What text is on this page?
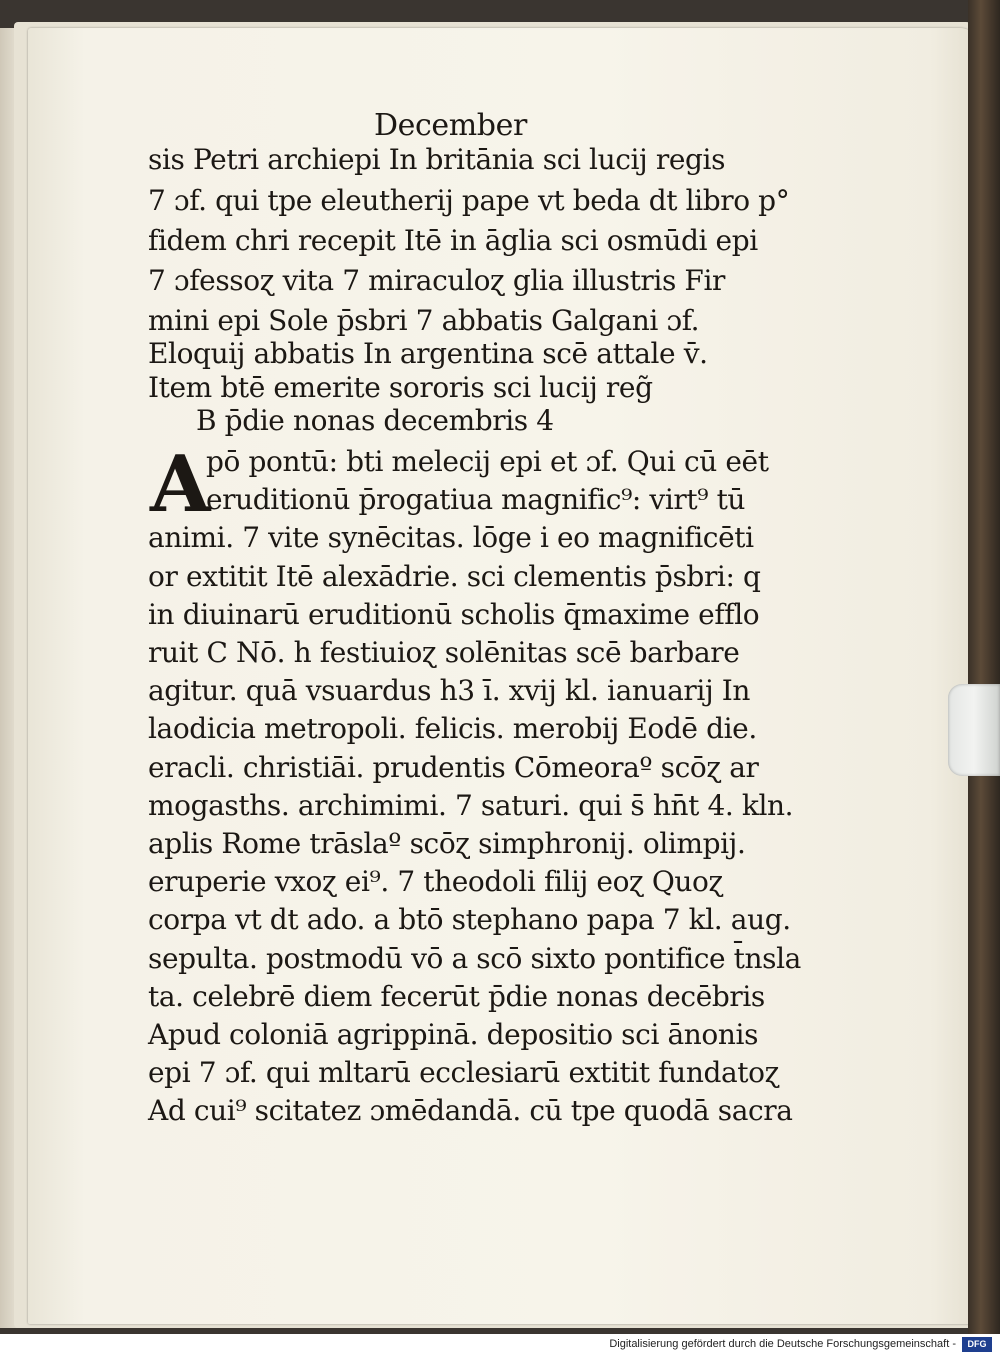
December
sis Petri archiepi In britānia sci lucij regis
7 ɔf. qui tpe eleutherij pape vt beda dt libro p°
fidem chri recepit Itē in āglia sci osmūdi epi
7 ɔfessoɀ vita 7 miraculoɀ glia illustris Fir
mini epi Sole p̄sbri 7 abbatis Galgani ɔf.
Eloquij abbatis In argentina scē attale v̄.
Item btē emerite sororis sci lucij reg̃
B p̄die nonas decembris 4
A
pō pontū: bti melecij epi et ɔf. Qui cū eēt
eruditionū p̄rogatiua magnific⁹: virt⁹ tū
animi. 7 vite synēcitas. lōge i eo magnificēti
or extitit Itē alexādrie. sci clementis p̄sbri: q
in diuinarū eruditionū scholis q̄maxime efflo
ruit C Nō. h festiuioɀ solēnitas scē barbare
agitur. quā vsuardus h3 ī. xvij kl. ianuarij In
laodicia metropoli. felicis. merobij Eodē die.
eracli. christiāi. prudentis Cōmeoraº scōɀ ar
mogasths. archimimi. 7 saturi. qui s̄ hn̄t 4. kln.
aplis Rome trāslaº scōɀ simphronij. olimpij.
eruperie vxoɀ ei⁹. 7 theodoli filij eoɀ Quoɀ
corpa vt dt ado. a btō stephano papa 7 kl. aug.
sepulta. postmodū vō a scō sixto pontifice t̄nsla
ta. celebrē diem fecerūt p̄die nonas decēbris
Apud coloniā agrippinā. depositio sci ānonis
epi 7 ɔf. qui mltarū ecclesiarū extitit fundatoɀ
Ad cui⁹ scitatez ɔmēdandā. cū tpe quodā sacra
Digitalisierung gefördert durch die Deutsche Forschungsgemeinschaft -	DFG
